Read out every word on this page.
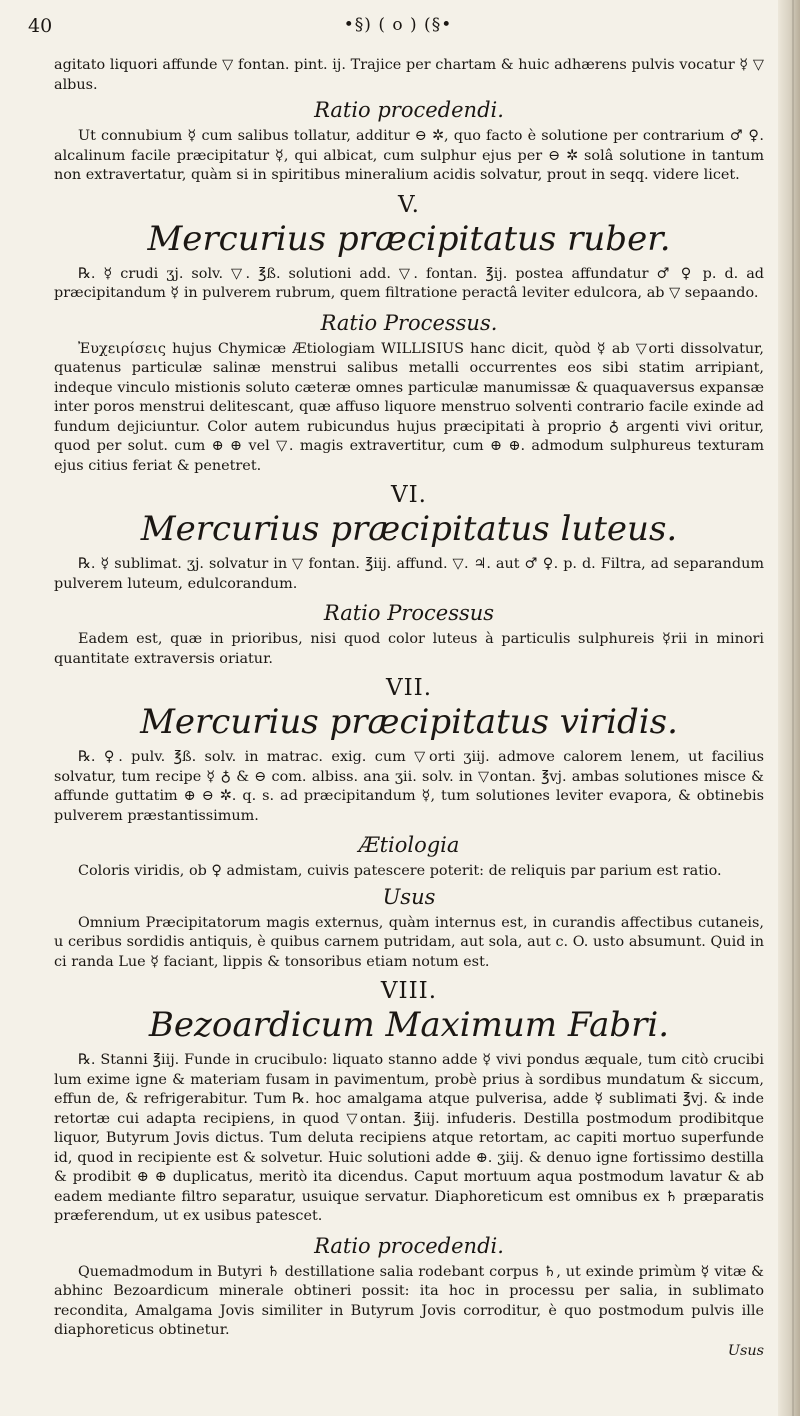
40	•§) ( o ) (§•

agitato liquori affunde ▽ fontan. pint. ij. Trajice per chartam & huic adhærens pulvis vocatur ☿ ▽ albus.

Ratio procedendi.

Ut connubium ☿ cum salibus tollatur, additur ⊖ ✲, quo facto è solutione per contrarium ♂ ♀. alcalinum facile præcipitatur ☿, qui albicat, cum sulphur ejus per ⊖ ✲ solâ solutione in tantum non extravertatur, quàm si in spiritibus mineralium acidis solvatur, prout in seqq. videre licet.

V.
Mercurius præcipitatus ruber.

℞. ☿ crudi ʒj. solv. ▽. ℥ß. solutioni add. ▽. fontan. ℥ij. postea affundatur ♂ ♀ p. d. ad præcipitandum ☿ in pulverem rubrum, quem filtratione peractâ leviter edulcora, ab ▽ sepaando.

Ratio Processus.

Ἐυχειρίσεις hujus Chymicæ Ætiologiam WILLISIUS hanc dicit, quòd ☿ ab ▽orti dissolvatur, quatenus particulæ salinæ menstrui salibus metalli occurrentes eos sibi statim arripiant, indeque vinculo mistionis soluto cæteræ omnes particulæ manumissæ & quaquaversus expansæ inter poros menstrui delitescant, quæ affuso liquore menstruo solventi contrario facile exinde ad fundum dejiciuntur. Color autem rubicundus hujus præcipitati à proprio ♁ argenti vivi oritur, quod per solut. cum ⊕ ⊕ vel ▽. magis extravertitur, cum ⊕ ⊕. admodum sulphureus texturam ejus citius feriat & penetret.

VI.
Mercurius præcipitatus luteus.

℞. ☿ sublimat. ʒj. solvatur in ▽ fontan. ℥iij. affund. ▽. ♃. aut ♂ ♀. p. d. Filtra, ad separandum pulverem luteum, edulcorandum.

Ratio Processus

Eadem est, quæ in prioribus, nisi quod color luteus à particulis sulphureis ☿rii in minori quantitate extraversis oriatur.

VII.
Mercurius præcipitatus viridis.

℞. ♀. pulv. ℥ß. solv. in matrac. exig. cum ▽orti ʒiij. admove calorem lenem, ut facilius solvatur, tum recipe ☿ ♁ & ⊖ com. albiss. ana ʒii. solv. in ▽ontan. ℥vj. ambas solutiones misce & affunde guttatim ⊕ ⊖ ✲. q. s. ad præcipitandum ☿, tum solutiones leviter evapora, & obtinebis pulverem præstantissimum.

Ætiologia

Coloris viridis, ob ♀ admistam, cuivis patescere poterit: de reliquis par parium est ratio.

Usus

Omnium Præcipitatorum magis externus, quàm internus est, in curandis affectibus cutaneis, u ceribus sordidis antiquis, è quibus carnem putridam, aut sola, aut c. O. usto absumunt. Quid in ci randa Lue ☿ faciant, lippis & tonsoribus etiam notum est.

VIII.
Bezoardicum Maximum Fabri.

℞. Stanni ℥iij. Funde in crucibulo: liquato stanno adde ☿ vivi pondus æquale, tum citò crucibi lum exime igne & materiam fusam in pavimentum, probè prius à sordibus mundatum & siccum, effun de, & refrigerabitur. Tum ℞. hoc amalgama atque pulverisa, adde ☿ sublimati ℥vj. & inde retortæ cui adapta recipiens, in quod ▽ontan. ℥iij. infuderis. Destilla postmodum prodibitque liquor, Butyrum Jovis dictus. Tum deluta recipiens atque retortam, ac capiti mortuo superfunde id, quod in recipiente est & solvetur. Huic solutioni adde ⊕. ʒiij. & denuo igne fortissimo destilla & prodibit ⊕ ⊕ duplicatus, meritò ita dicendus. Caput mortuum aqua postmodum lavatur & ab eadem mediante filtro separatur, usuique servatur. Diaphoreticum est omnibus ex ♄ præparatis præferendum, ut ex usibus patescet.

Ratio procedendi.

Quemadmodum in Butyri ♄ destillatione salia rodebant corpus ♄, ut exinde primùm ☿ vitæ & abhinc Bezoardicum minerale obtineri possit: ita hoc in processu per salia, in sublimato recondita, Amalgama Jovis similiter in Butyrum Jovis corroditur, è quo postmodum pulvis ille diaphoreticus obtinetur.

Usus
